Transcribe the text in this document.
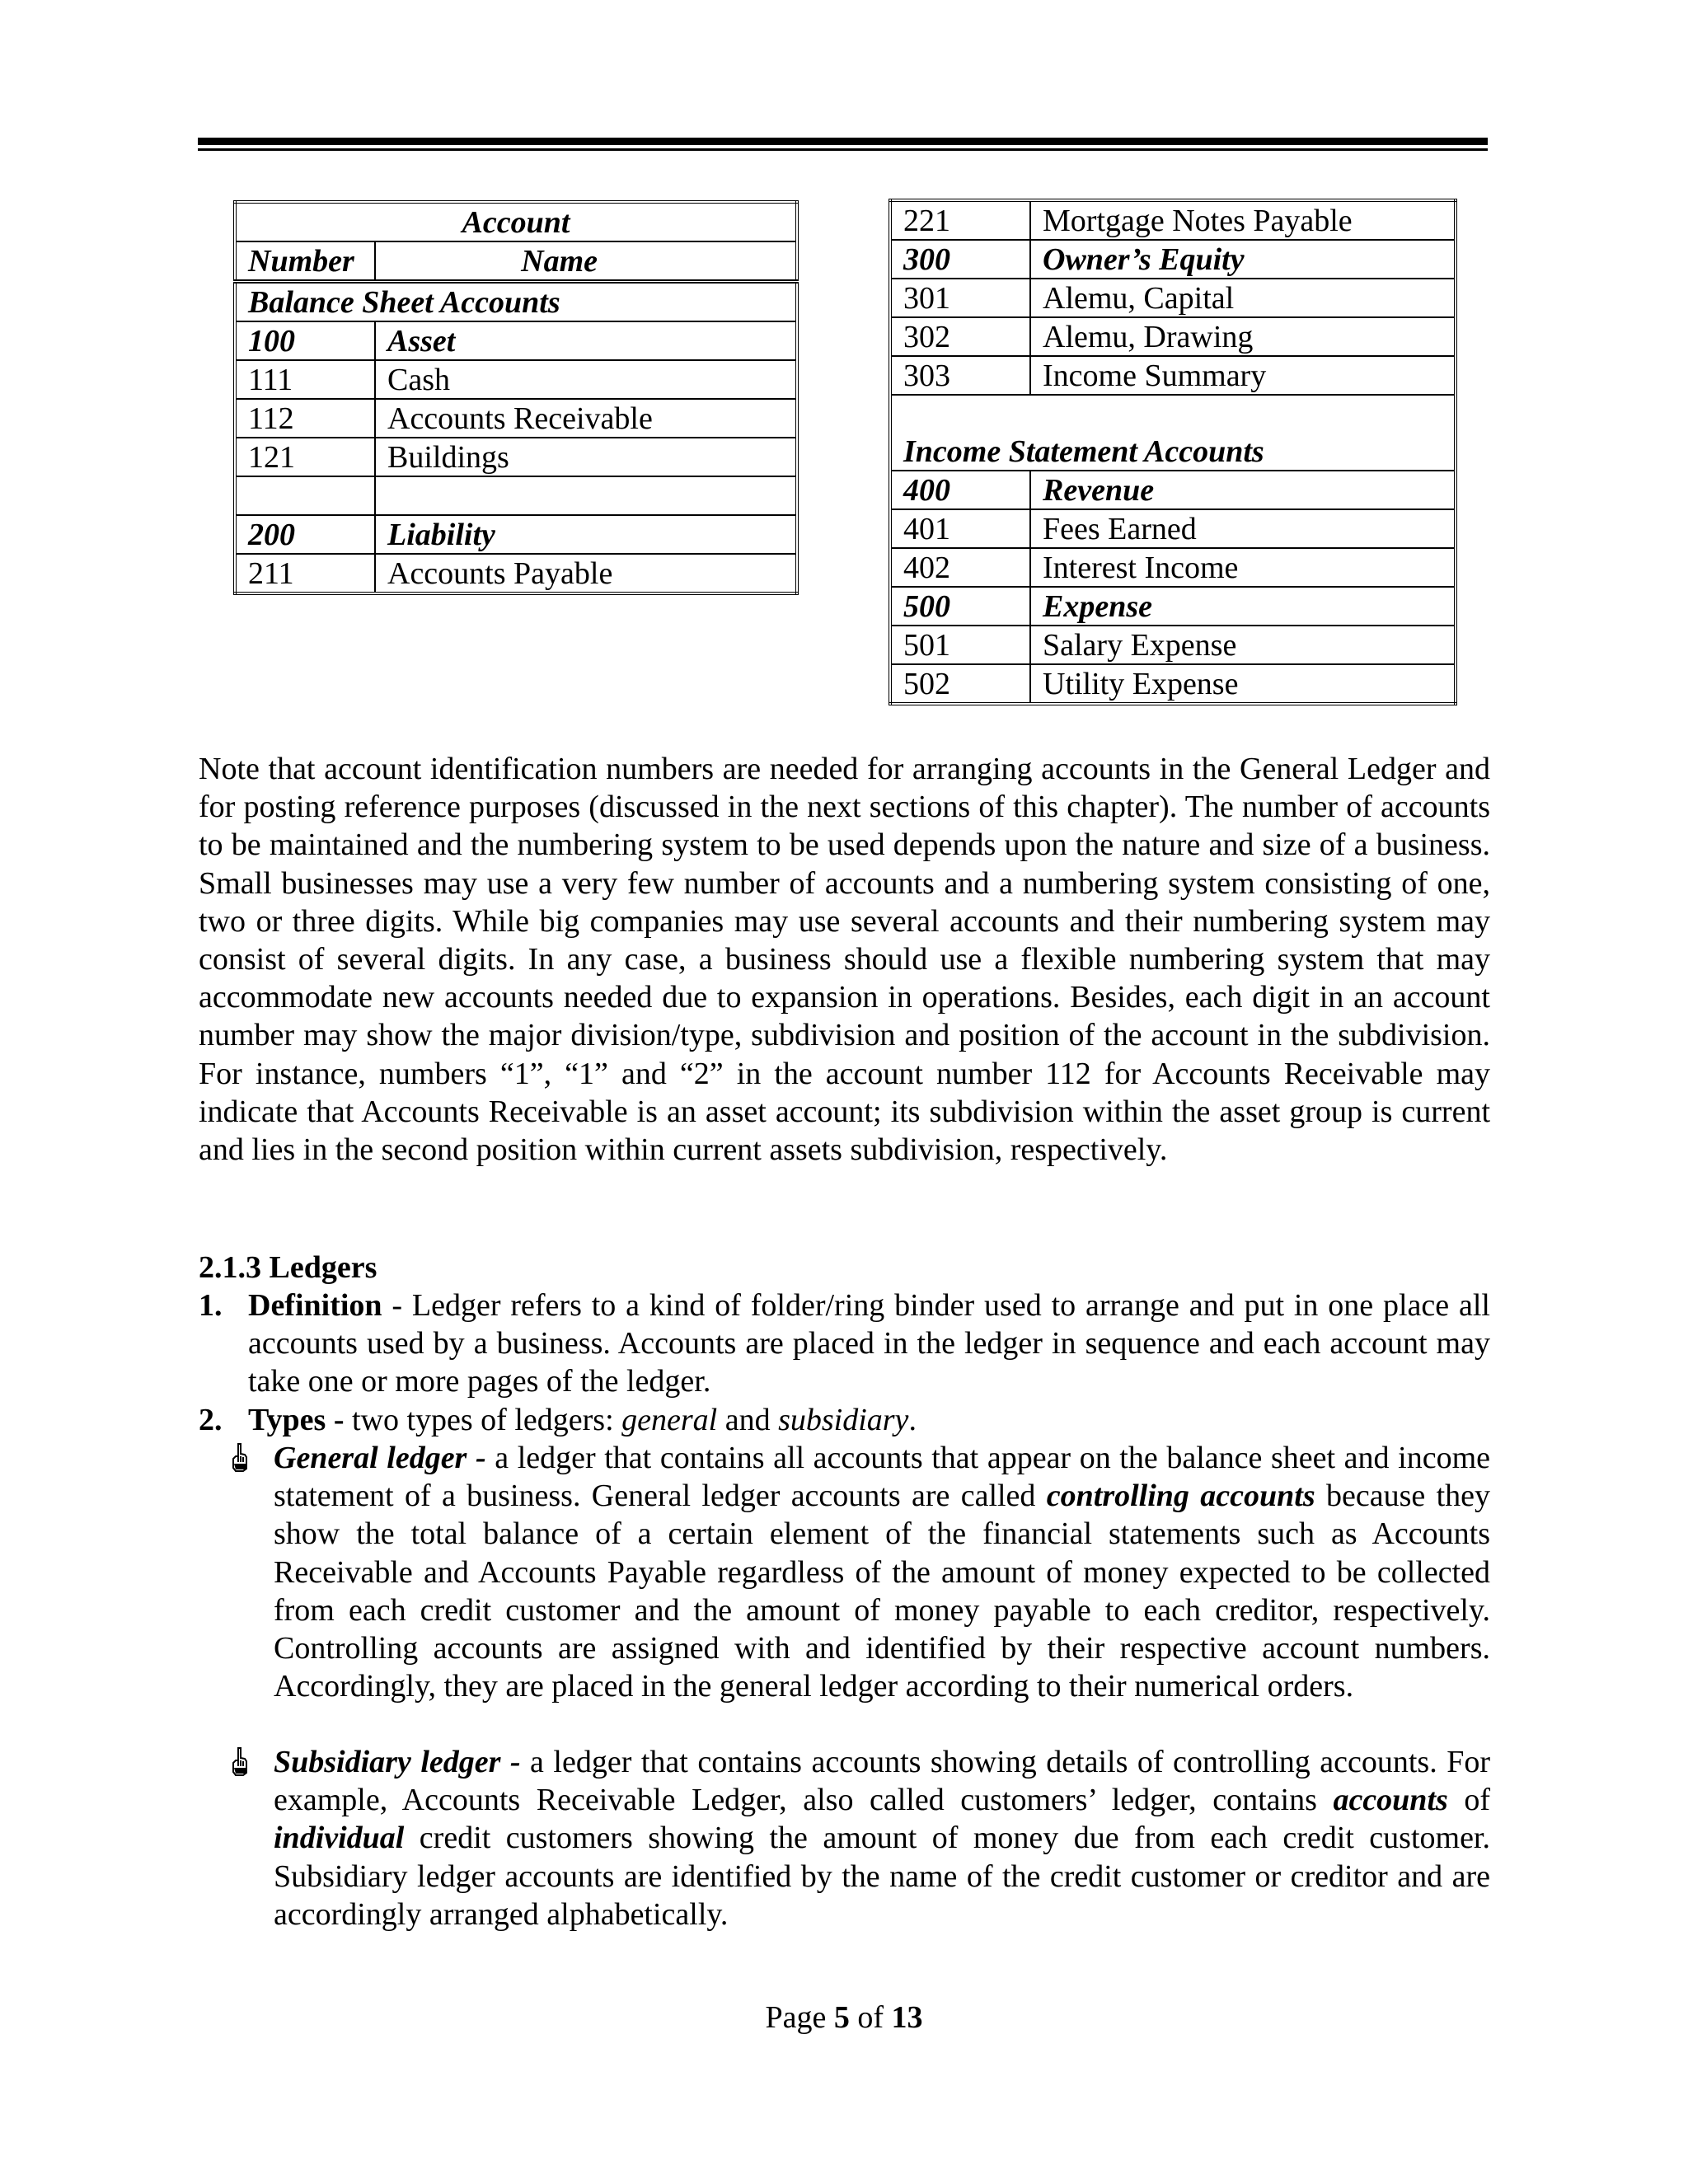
Account	
Number	Name
Balance Sheet Accounts	
100	Asset
111	Cash
112	Accounts Receivable
121	Buildings

200	Liability
211	Accounts Payable
221	Mortgage Notes Payable
300	Owner’s Equity
301	Alemu, Capital
302	Alemu, Drawing
303	Income Summary
Income Statement Accounts	
400	Revenue
401	Fees Earned
402	Interest Income
500	Expense
501	Salary Expense
502	Utility Expense
Note that account identification numbers are needed for arranging accounts in the General Ledger and for posting reference purposes (discussed in the next sections of this chapter). The number of accounts to be maintained and the numbering system to be used depends upon the nature and size of a business. Small businesses may use a very few number of accounts and a numbering system consisting of one, two or three digits. While big companies may use several accounts and their numbering system may consist of several digits. In any case, a business should use a flexible numbering system that may accommodate new accounts needed due to expansion in operations. Besides, each digit in an account number may show the major division/type, subdivision and position of the account in the subdivision. For instance, numbers “1”, “1” and “2” in the account number 112 for Accounts Receivable may indicate that Accounts Receivable is an asset account; its subdivision within the asset group is current and lies in the second position within current assets subdivision, respectively.
2.1.3 Ledgers
1. Definition - Ledger refers to a kind of folder/ring binder used to arrange and put in one place all accounts used by a business. Accounts are placed in the ledger in sequence and each account may take one or more pages of the ledger.
2. Types - two types of ledgers: general and subsidiary.
General ledger - a ledger that contains all accounts that appear on the balance sheet and income statement of a business. General ledger accounts are called controlling accounts because they show the total balance of a certain element of the financial statements such as Accounts Receivable and Accounts Payable regardless of the amount of money expected to be collected from each credit customer and the amount of money payable to each creditor, respectively. Controlling accounts are assigned with and identified by their respective account numbers. Accordingly, they are placed in the general ledger according to their numerical orders.
Subsidiary ledger - a ledger that contains accounts showing details of controlling accounts. For example, Accounts Receivable Ledger, also called customers’ ledger, contains accounts of individual credit customers showing the amount of money due from each credit customer. Subsidiary ledger accounts are identified by the name of the credit customer or creditor and are accordingly arranged alphabetically.
Page 5 of 13
